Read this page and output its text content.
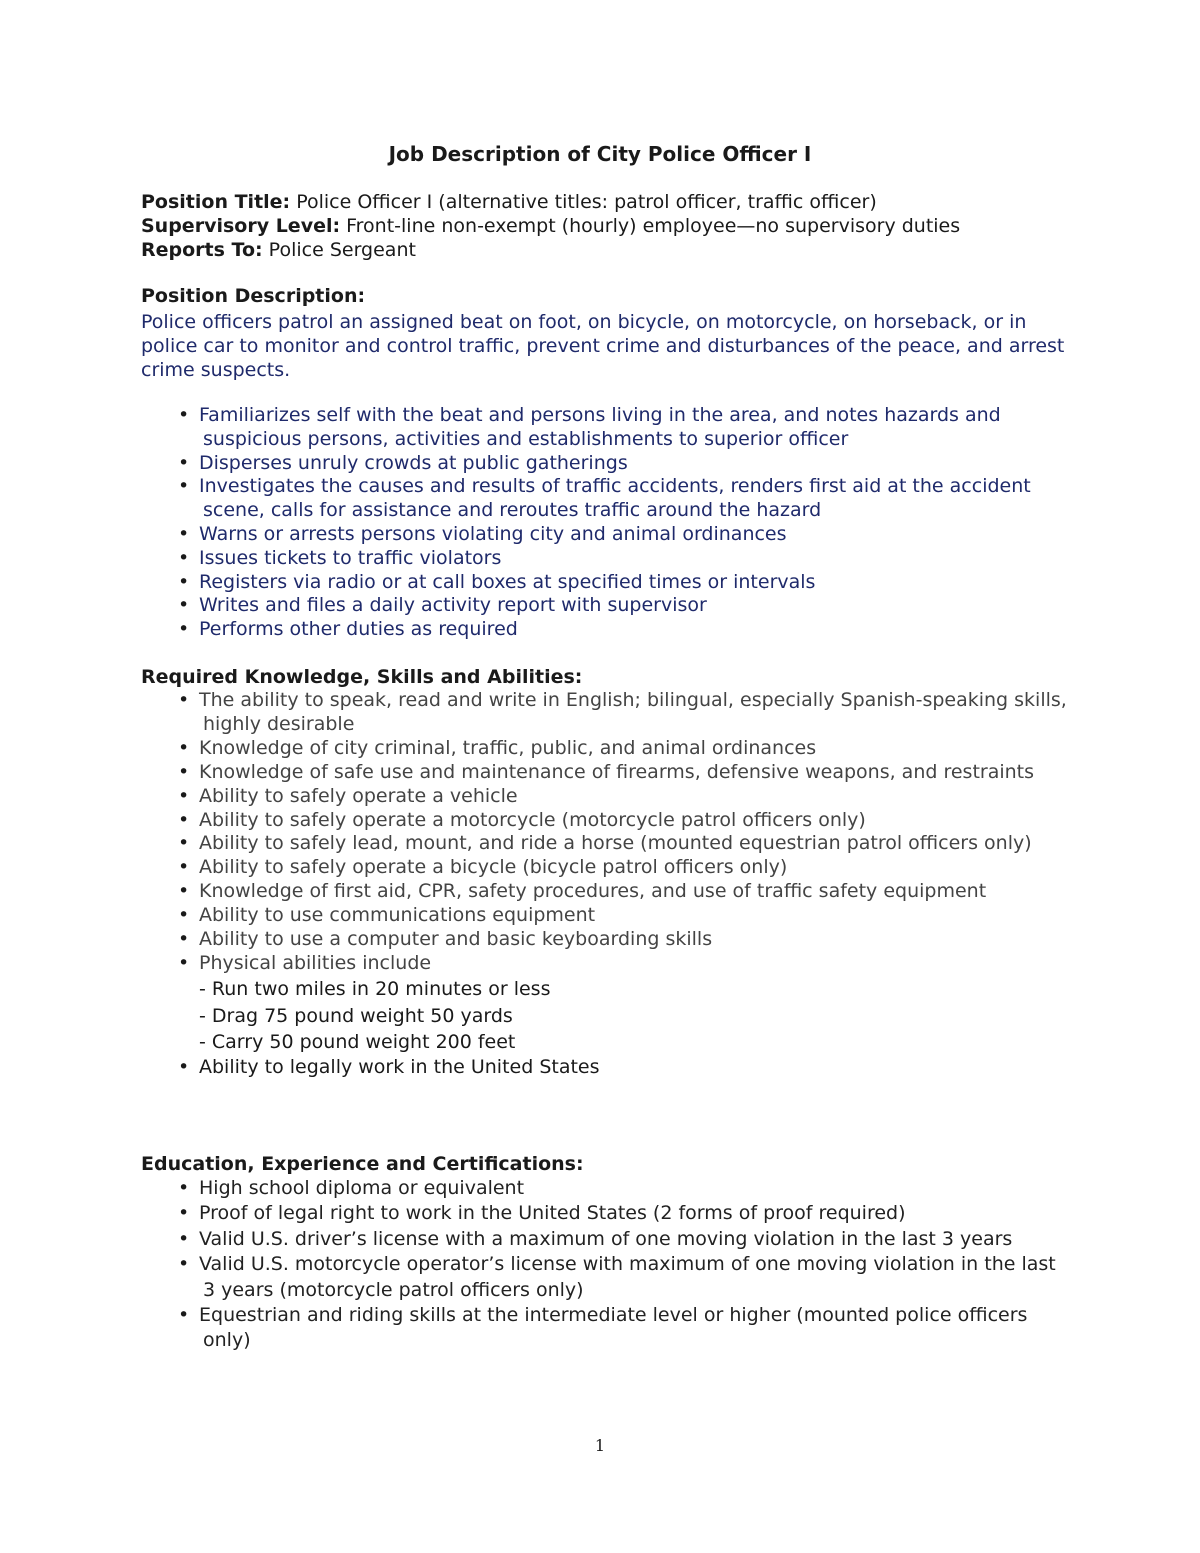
Job Description of City Police Officer I
Position Title: Police Officer I (alternative titles: patrol officer, traffic officer)
Supervisory Level: Front-line non-exempt (hourly) employee—no supervisory duties
Reports To: Police Sergeant
Position Description:
Police officers patrol an assigned beat on foot, on bicycle, on motorcycle, on horseback, or in police car to monitor and control traffic, prevent crime and disturbances of the peace, and arrest crime suspects.
• Familiarizes self with the beat and persons living in the area, and notes hazards and suspicious persons, activities and establishments to superior officer
• Disperses unruly crowds at public gatherings
• Investigates the causes and results of traffic accidents, renders first aid at the accident scene, calls for assistance and reroutes traffic around the hazard
• Warns or arrests persons violating city and animal ordinances
• Issues tickets to traffic violators
• Registers via radio or at call boxes at specified times or intervals
• Writes and files a daily activity report with supervisor
• Performs other duties as required
Required Knowledge, Skills and Abilities:
• The ability to speak, read and write in English; bilingual, especially Spanish-speaking skills, highly desirable
• Knowledge of city criminal, traffic, public, and animal ordinances
• Knowledge of safe use and maintenance of firearms, defensive weapons, and restraints
• Ability to safely operate a vehicle
• Ability to safely operate a motorcycle (motorcycle patrol officers only)
• Ability to safely lead, mount, and ride a horse (mounted equestrian patrol officers only)
• Ability to safely operate a bicycle (bicycle patrol officers only)
• Knowledge of first aid, CPR, safety procedures, and use of traffic safety equipment
• Ability to use communications equipment
• Ability to use a computer and basic keyboarding skills
• Physical abilities include
- Run two miles in 20 minutes or less
- Drag 75 pound weight 50 yards
- Carry 50 pound weight 200 feet
• Ability to legally work in the United States
Education, Experience and Certifications:
• High school diploma or equivalent
• Proof of legal right to work in the United States (2 forms of proof required)
• Valid U.S. driver’s license with a maximum of one moving violation in the last 3 years
• Valid U.S. motorcycle operator’s license with maximum of one moving violation in the last 3 years (motorcycle patrol officers only)
• Equestrian and riding skills at the intermediate level or higher (mounted police officers only)
1
